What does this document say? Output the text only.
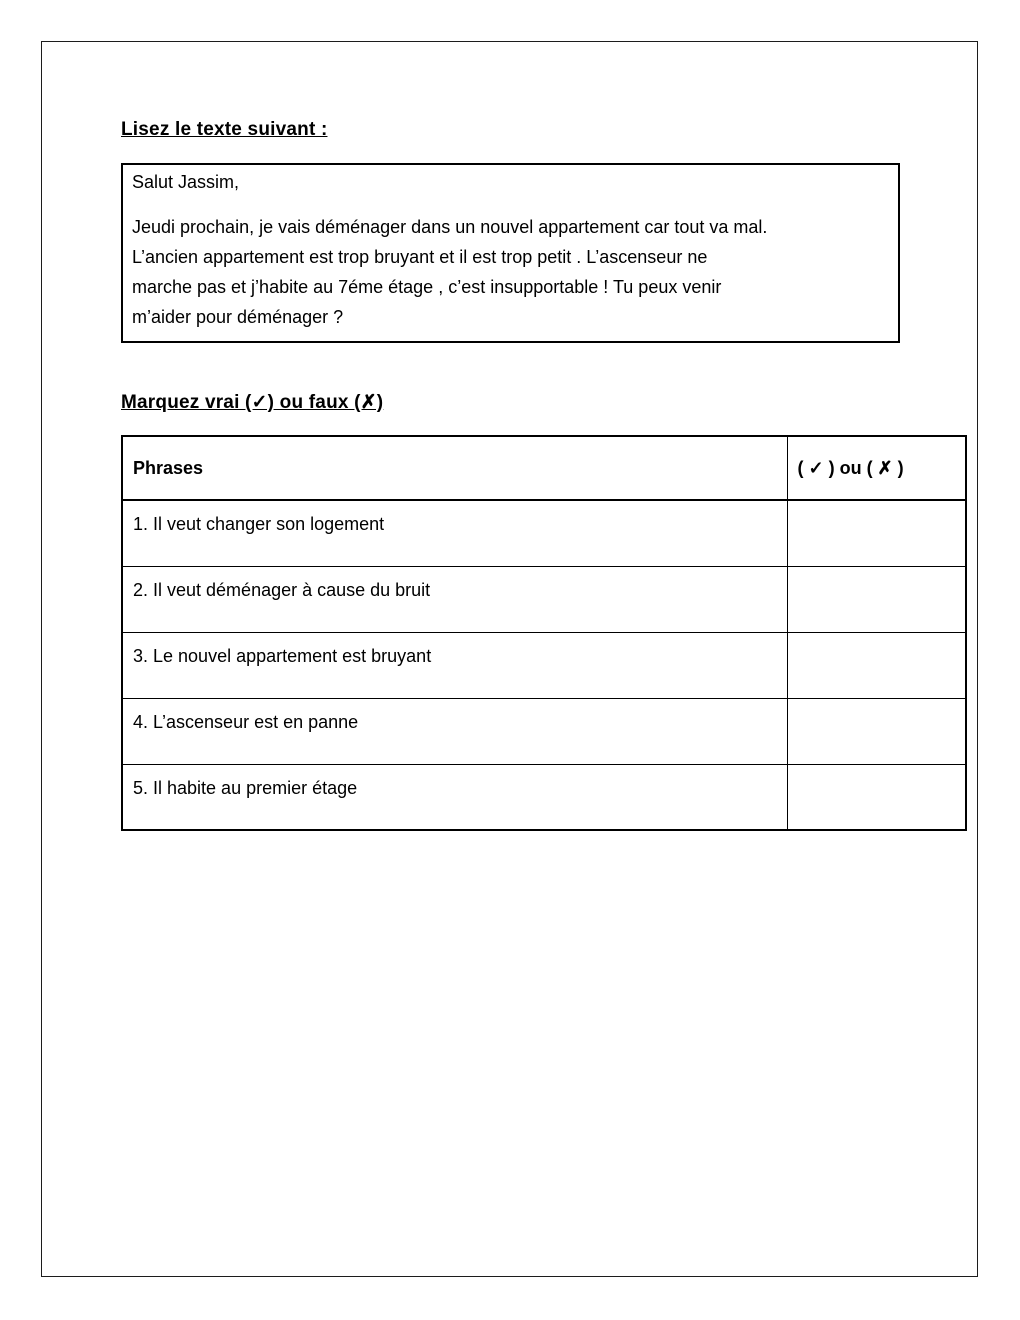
Lisez le texte suivant :
Salut Jassim,
Jeudi prochain, je vais déménager dans un nouvel appartement car tout va mal.
L’ancien appartement est trop bruyant et il est trop petit . L’ascenseur ne
marche pas et j’habite au 7éme étage , c’est insupportable ! Tu peux venir
m’aider pour déménager ?
Marquez vrai (✓) ou faux (✗)
Phrases	( ✓ ) ou ( ✗ )
1. Il veut changer son logement	
2. Il veut déménager à cause du bruit	
3. Le nouvel appartement est bruyant	
4. L’ascenseur est en panne	
5. Il habite au premier étage	
